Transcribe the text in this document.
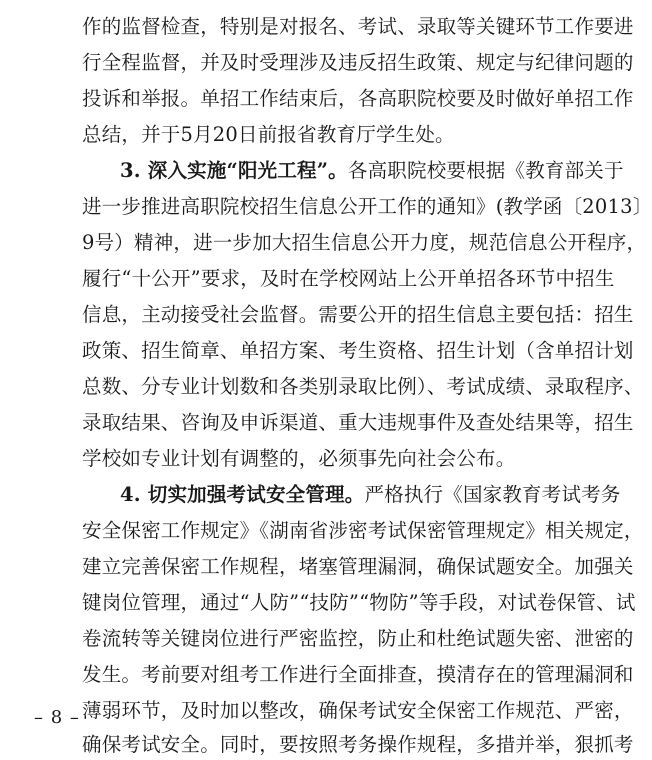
作的监督检查，特别是对报名、考试、录取等关键环节工作要进
行全程监督，并及时受理涉及违反招生政策、规定与纪律问题的
投诉和举报。单招工作结束后，各高职院校要及时做好单招工作
总结，并于5月20日前报省教育厅学生处。
3. 深入实施“阳光工程”。各高职院校要根据《教育部关于
进一步推进高职院校招生信息公开工作的通知》(教学函〔2013〕
9号）精神，进一步加大招生信息公开力度，规范信息公开程序，
履行“十公开”要求，及时在学校网站上公开单招各环节中招生
信息，主动接受社会监督。需要公开的招生信息主要包括：招生
政策、招生简章、单招方案、考生资格、招生计划（含单招计划
总数、分专业计划数和各类别录取比例）、考试成绩、录取程序、
录取结果、咨询及申诉渠道、重大违规事件及查处结果等，招生
学校如专业计划有调整的，必须事先向社会公布。
4. 切实加强考试安全管理。严格执行《国家教育考试考务
安全保密工作规定》《湖南省涉密考试保密管理规定》相关规定，
建立完善保密工作规程，堵塞管理漏洞，确保试题安全。加强关
键岗位管理，通过“人防”“技防”“物防”等手段，对试卷保管、试
卷流转等关键岗位进行严密监控，防止和杜绝试题失密、泄密的
发生。考前要对组考工作进行全面排查，摸清存在的管理漏洞和
薄弱环节，及时加以整改，确保考试安全保密工作规范、严密，
确保考试安全。同时，要按照考务操作规程，多措并举，狠抓考
– 8 –
